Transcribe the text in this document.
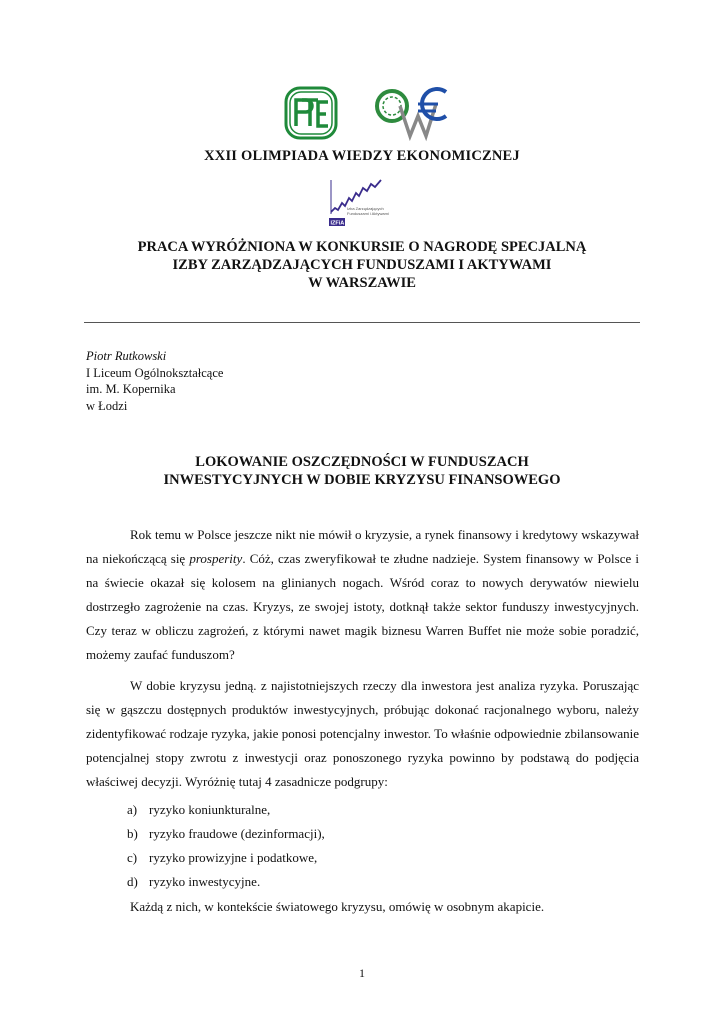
XXII OLIMPIADA WIEDZY EKONOMICZNEJ
Izba Zarządzających
Funduszami i Aktywami
IZFiA
PRACA WYRÓŻNIONA W KONKURSIE O NAGRODĘ SPECJALNĄ
IZBY ZARZĄDZAJĄCYCH FUNDUSZAMI I AKTYWAMI
W WARSZAWIE
Piotr Rutkowski
I Liceum Ogólnokształcące
im. M. Kopernika
w Łodzi
LOKOWANIE OSZCZĘDNOŚCI W FUNDUSZACH
INWESTYCYJNYCH W DOBIE KRYZYSU FINANSOWEGO
Rok temu w Polsce jeszcze nikt nie mówił o kryzysie, a rynek finansowy i kredytowy wskazywał na niekończącą się prosperity. Cóż, czas zweryfikował te złudne nadzieje. System finansowy w Polsce i na świecie okazał się kolosem na glinianych nogach. Wśród coraz to nowych derywatów niewielu dostrzegło zagrożenie na czas. Kryzys, ze swojej istoty, dotknął także sektor funduszy inwestycyjnych. Czy teraz w obliczu zagrożeń, z którymi nawet magik biznesu Warren Buffet nie może sobie poradzić, możemy zaufać funduszom?
W dobie kryzysu jedną. z najistotniejszych rzeczy dla inwestora jest analiza ryzyka. Poruszając się w gąszczu dostępnych produktów inwestycyjnych, próbując dokonać racjonalnego wyboru, należy zidentyfikować rodzaje ryzyka, jakie ponosi potencjalny inwestor. To właśnie odpowiednie zbilansowanie potencjalnej stopy zwrotu z inwestycji oraz ponoszonego ryzyka powinno by podstawą do podjęcia właściwej decyzji. Wyróżnię tutaj 4 zasadnicze podgrupy:
a) ryzyko koniunkturalne,
b) ryzyko fraudowe (dezinformacji),
c) ryzyko prowizyjne i podatkowe,
d) ryzyko inwestycyjne.
Każdą z nich, w kontekście światowego kryzysu, omówię w osobnym akapicie.
1
